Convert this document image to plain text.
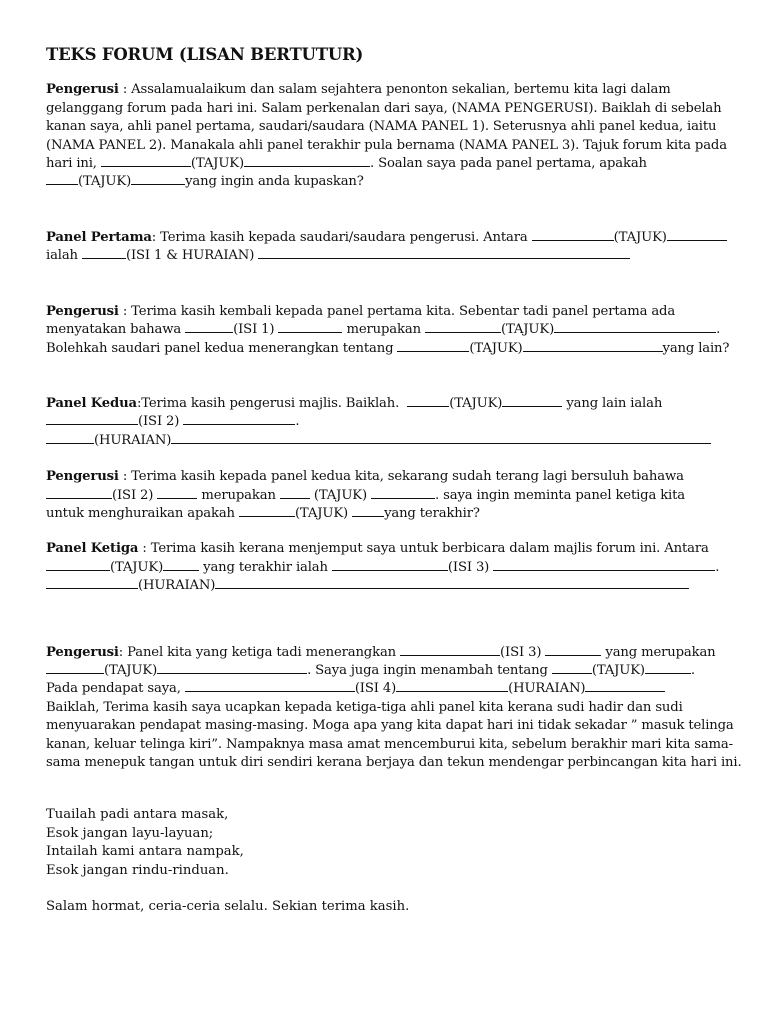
TEKS FORUM (LISAN BERTUTUR)
Pengerusi : Assalamualaikum dan salam sejahtera penonton sekalian, bertemu kita lagi dalam
gelanggang forum pada hari ini. Salam perkenalan dari saya, (NAMA PENGERUSI). Baiklah di sebelah
kanan saya, ahli panel pertama, saudari/saudara (NAMA PANEL 1). Seterusnya ahli panel kedua, iaitu
(NAMA PANEL 2). Manakala ahli panel terakhir pula bernama (NAMA PANEL 3). Tajuk forum kita pada
hari ini,	(TAJUK)	. Soalan saya pada panel pertama, apakah
(TAJUK)	yang ingin anda kupaskan?
Panel Pertama: Terima kasih kepada saudari/saudara pengerusi. Antara	(TAJUK)
ialah	(ISI 1 & HURAIAN)
Pengerusi : Terima kasih kembali kepada panel pertama kita. Sebentar tadi panel pertama ada
menyatakan bahawa	(ISI 1)	merupakan	(TAJUK)	.
Bolehkah saudari panel kedua menerangkan tentang	(TAJUK)	yang lain?
Panel Kedua:Terima kasih pengerusi majlis. Baiklah.	(TAJUK)	yang lain ialah
(ISI 2)	.
(HURAIAN)
Pengerusi : Terima kasih kepada panel kedua kita, sekarang sudah terang lagi bersuluh bahawa
(ISI 2)	merupakan	(TAJUK)	. saya ingin meminta panel ketiga kita
untuk menghuraikan apakah	(TAJUK)	yang terakhir?
Panel Ketiga : Terima kasih kerana menjemput saya untuk berbicara dalam majlis forum ini. Antara
(TAJUK)	yang terakhir ialah	(ISI 3)	.
(HURAIAN)
Pengerusi: Panel kita yang ketiga tadi menerangkan	(ISI 3)	yang merupakan
(TAJUK)	. Saya juga ingin menambah tentang	(TAJUK)	.
Pada pendapat saya,	(ISI 4)	(HURAIAN)
Baiklah, Terima kasih saya ucapkan kepada ketiga-tiga ahli panel kita kerana sudi hadir dan sudi
menyuarakan pendapat masing-masing. Moga apa yang kita dapat hari ini tidak sekadar ” masuk telinga
kanan, keluar telinga kiri”. Nampaknya masa amat mencemburui kita, sebelum berakhir mari kita sama-
sama menepuk tangan untuk diri sendiri kerana berjaya dan tekun mendengar perbincangan kita hari ini.
Tuailah padi antara masak,
Esok jangan layu-layuan;
Intailah kami antara nampak,
Esok jangan rindu-rinduan.

Salam hormat, ceria-ceria selalu. Sekian terima kasih.
